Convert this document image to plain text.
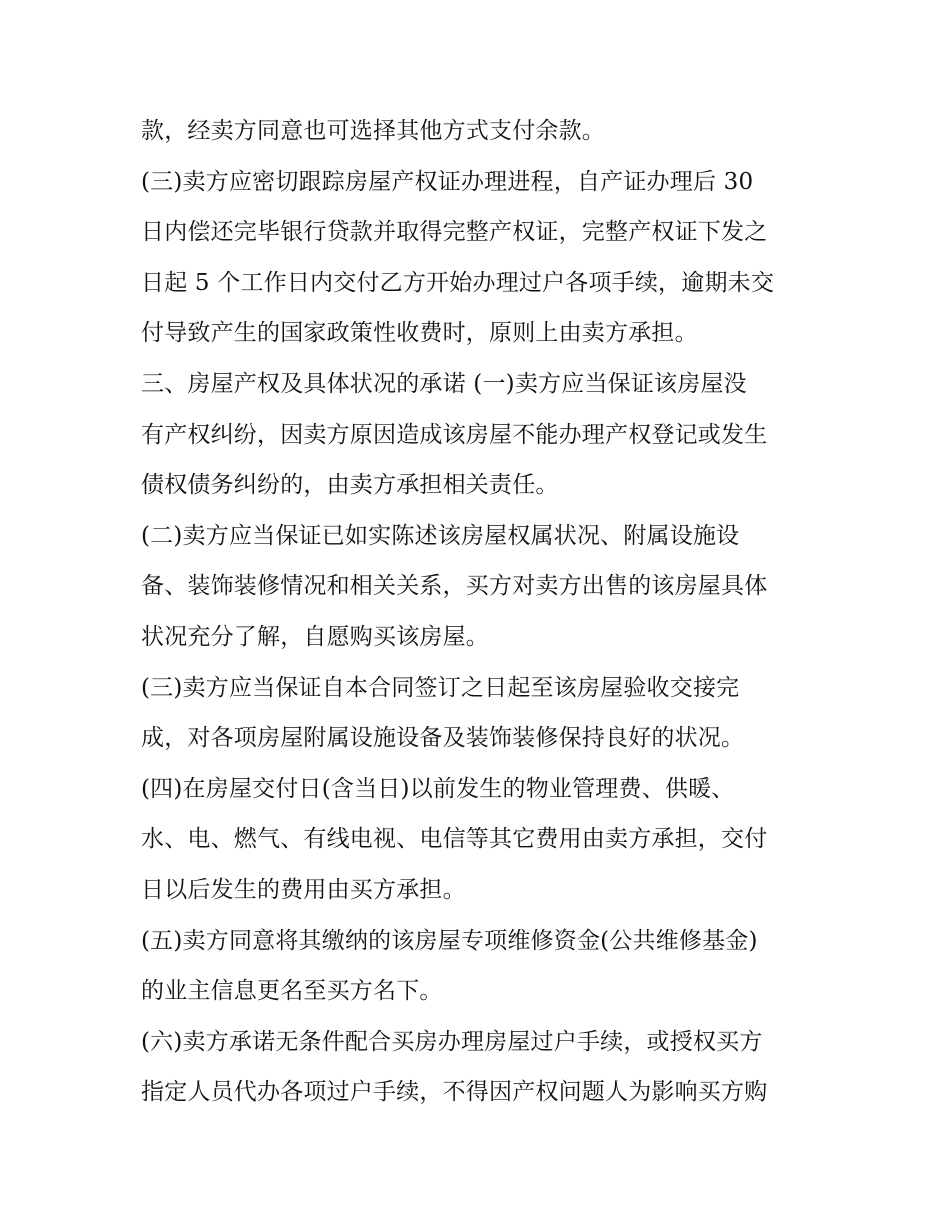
款，经卖方同意也可选择其他方式支付余款。
(三)卖方应密切跟踪房屋产权证办理进程，自产证办理后 30
日内偿还完毕银行贷款并取得完整产权证，完整产权证下发之
日起 5 个工作日内交付乙方开始办理过户各项手续，逾期未交
付导致产生的国家政策性收费时，原则上由卖方承担。
三、房屋产权及具体状况的承诺 (一)卖方应当保证该房屋没
有产权纠纷，因卖方原因造成该房屋不能办理产权登记或发生
债权债务纠纷的，由卖方承担相关责任。
(二)卖方应当保证已如实陈述该房屋权属状况、附属设施设
备、装饰装修情况和相关关系，买方对卖方出售的该房屋具体
状况充分了解，自愿购买该房屋。
(三)卖方应当保证自本合同签订之日起至该房屋验收交接完
成，对各项房屋附属设施设备及装饰装修保持良好的状况。
(四)在房屋交付日(含当日)以前发生的物业管理费、供暖、
水、电、燃气、有线电视、电信等其它费用由卖方承担，交付
日以后发生的费用由买方承担。
(五)卖方同意将其缴纳的该房屋专项维修资金(公共维修基金)
的业主信息更名至买方名下。
(六)卖方承诺无条件配合买房办理房屋过户手续，或授权买方
指定人员代办各项过户手续，不得因产权问题人为影响买方购
